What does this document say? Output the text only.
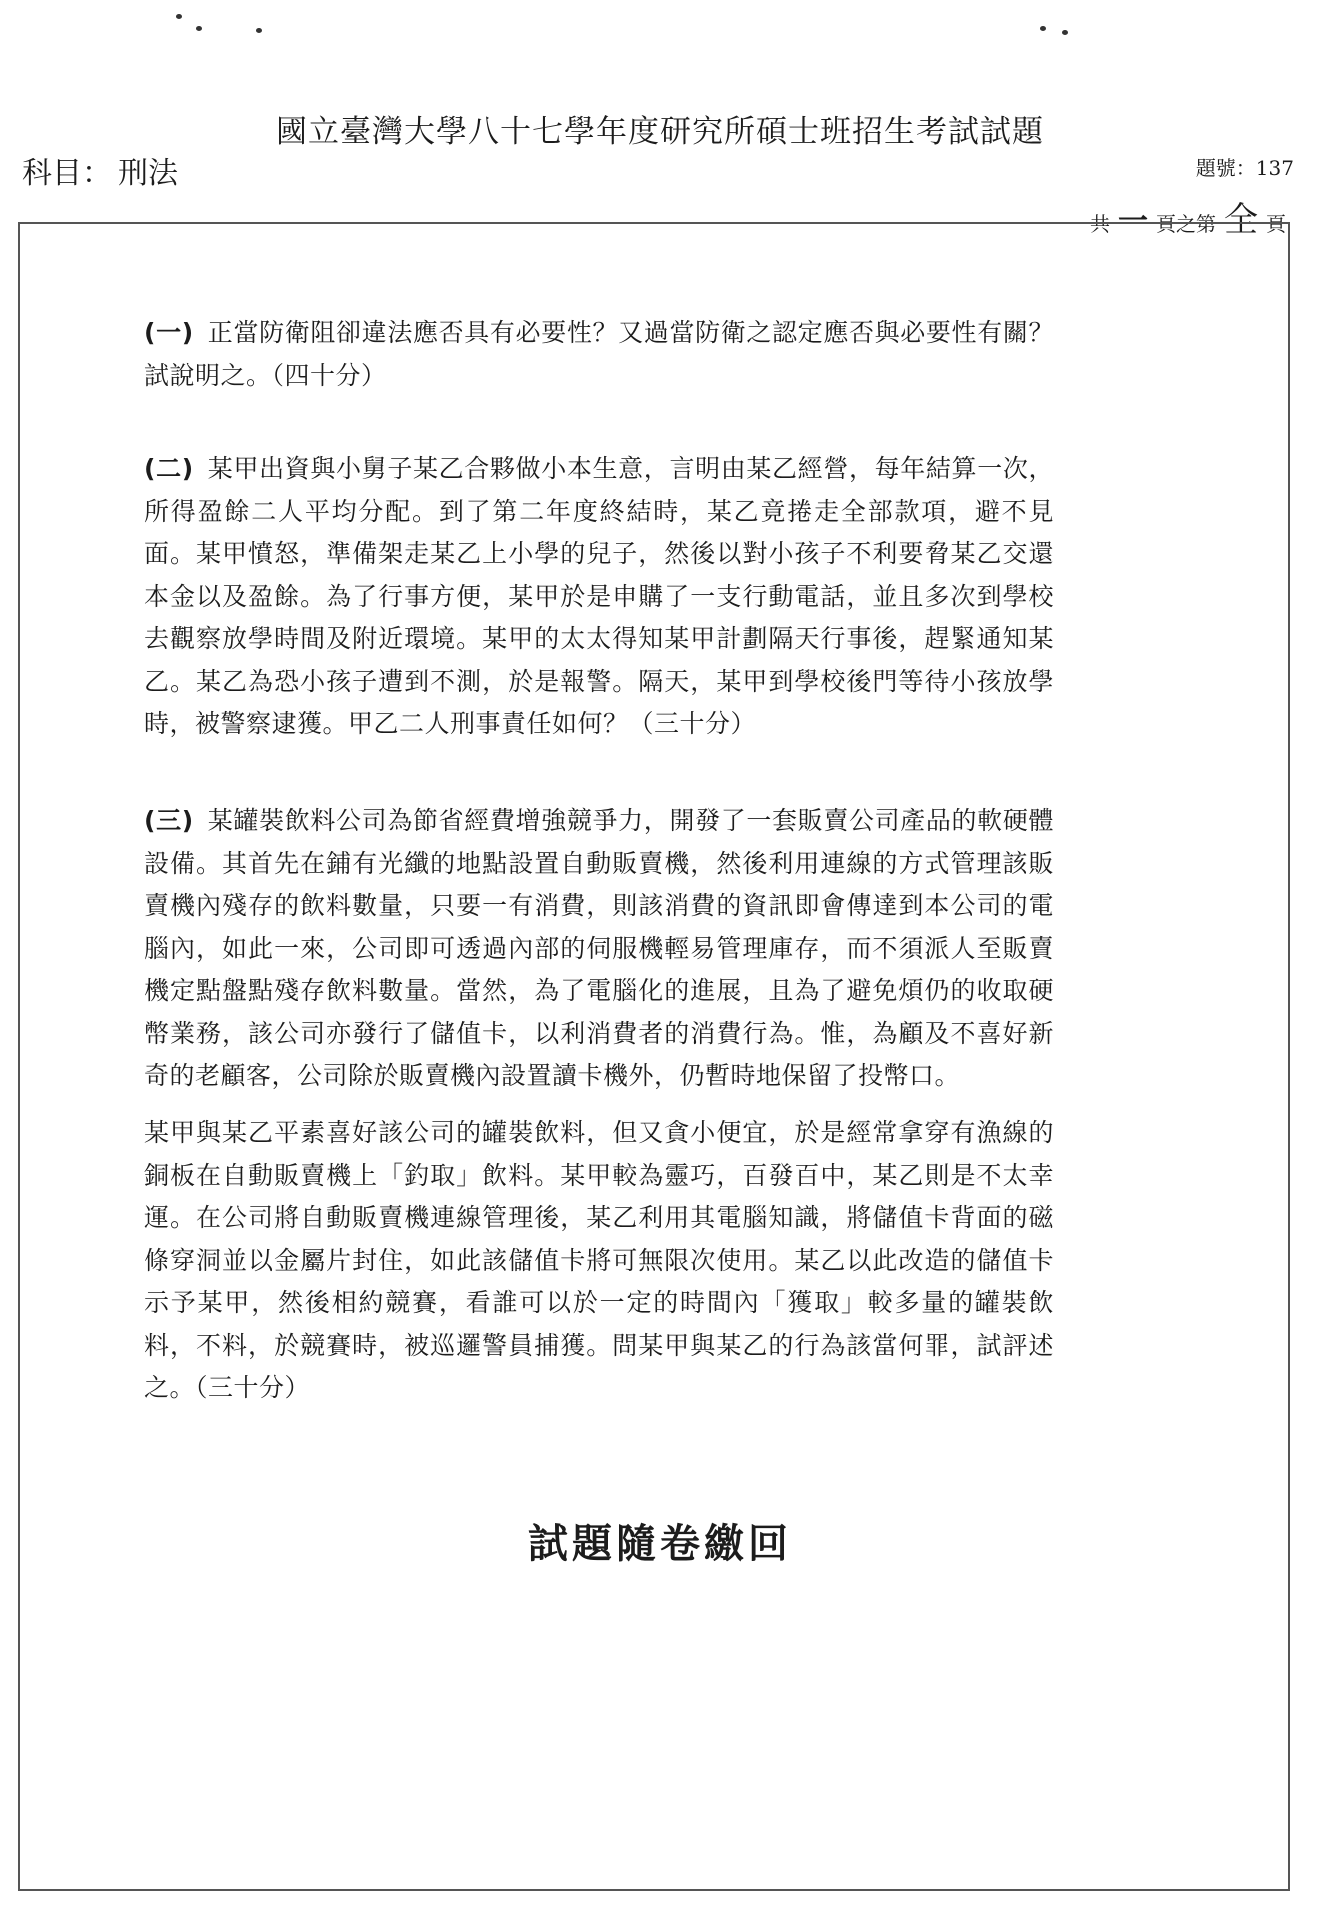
國立臺灣大學八十七學年度研究所碩士班招生考試試題
科目： 刑法	題號：137
共 一 頁之第 全 頁
(一) 正當防衛阻卻違法應否具有必要性？又過當防衛之認定應否與必要性有關？試說明之。（四十分）
(二) 某甲出資與小舅子某乙合夥做小本生意，言明由某乙經營，每年結算一次，所得盈餘二人平均分配。到了第二年度終結時，某乙竟捲走全部款項，避不見面。某甲憤怒，準備架走某乙上小學的兒子，然後以對小孩子不利要脅某乙交還本金以及盈餘。為了行事方便，某甲於是申購了一支行動電話，並且多次到學校去觀察放學時間及附近環境。某甲的太太得知某甲計劃隔天行事後，趕緊通知某乙。某乙為恐小孩子遭到不測，於是報警。隔天，某甲到學校後門等待小孩放學時，被警察逮獲。甲乙二人刑事責任如何？（三十分）
(三) 某罐裝飲料公司為節省經費增強競爭力，開發了一套販賣公司產品的軟硬體設備。其首先在鋪有光纖的地點設置自動販賣機，然後利用連線的方式管理該販賣機內殘存的飲料數量，只要一有消費，則該消費的資訊即會傳達到本公司的電腦內，如此一來，公司即可透過內部的伺服機輕易管理庫存，而不須派人至販賣機定點盤點殘存飲料數量。當然，為了電腦化的進展，且為了避免煩仍的收取硬幣業務，該公司亦發行了儲值卡，以利消費者的消費行為。惟，為顧及不喜好新奇的老顧客，公司除於販賣機內設置讀卡機外，仍暫時地保留了投幣口。
某甲與某乙平素喜好該公司的罐裝飲料，但又貪小便宜，於是經常拿穿有漁線的銅板在自動販賣機上「釣取」飲料。某甲較為靈巧，百發百中，某乙則是不太幸運。在公司將自動販賣機連線管理後，某乙利用其電腦知識，將儲值卡背面的磁條穿洞並以金屬片封住，如此該儲值卡將可無限次使用。某乙以此改造的儲值卡示予某甲，然後相約競賽，看誰可以於一定的時間內「獲取」較多量的罐裝飲料，不料，於競賽時，被巡邏警員捕獲。問某甲與某乙的行為該當何罪，試評述之。（三十分）
試題隨卷繳回
